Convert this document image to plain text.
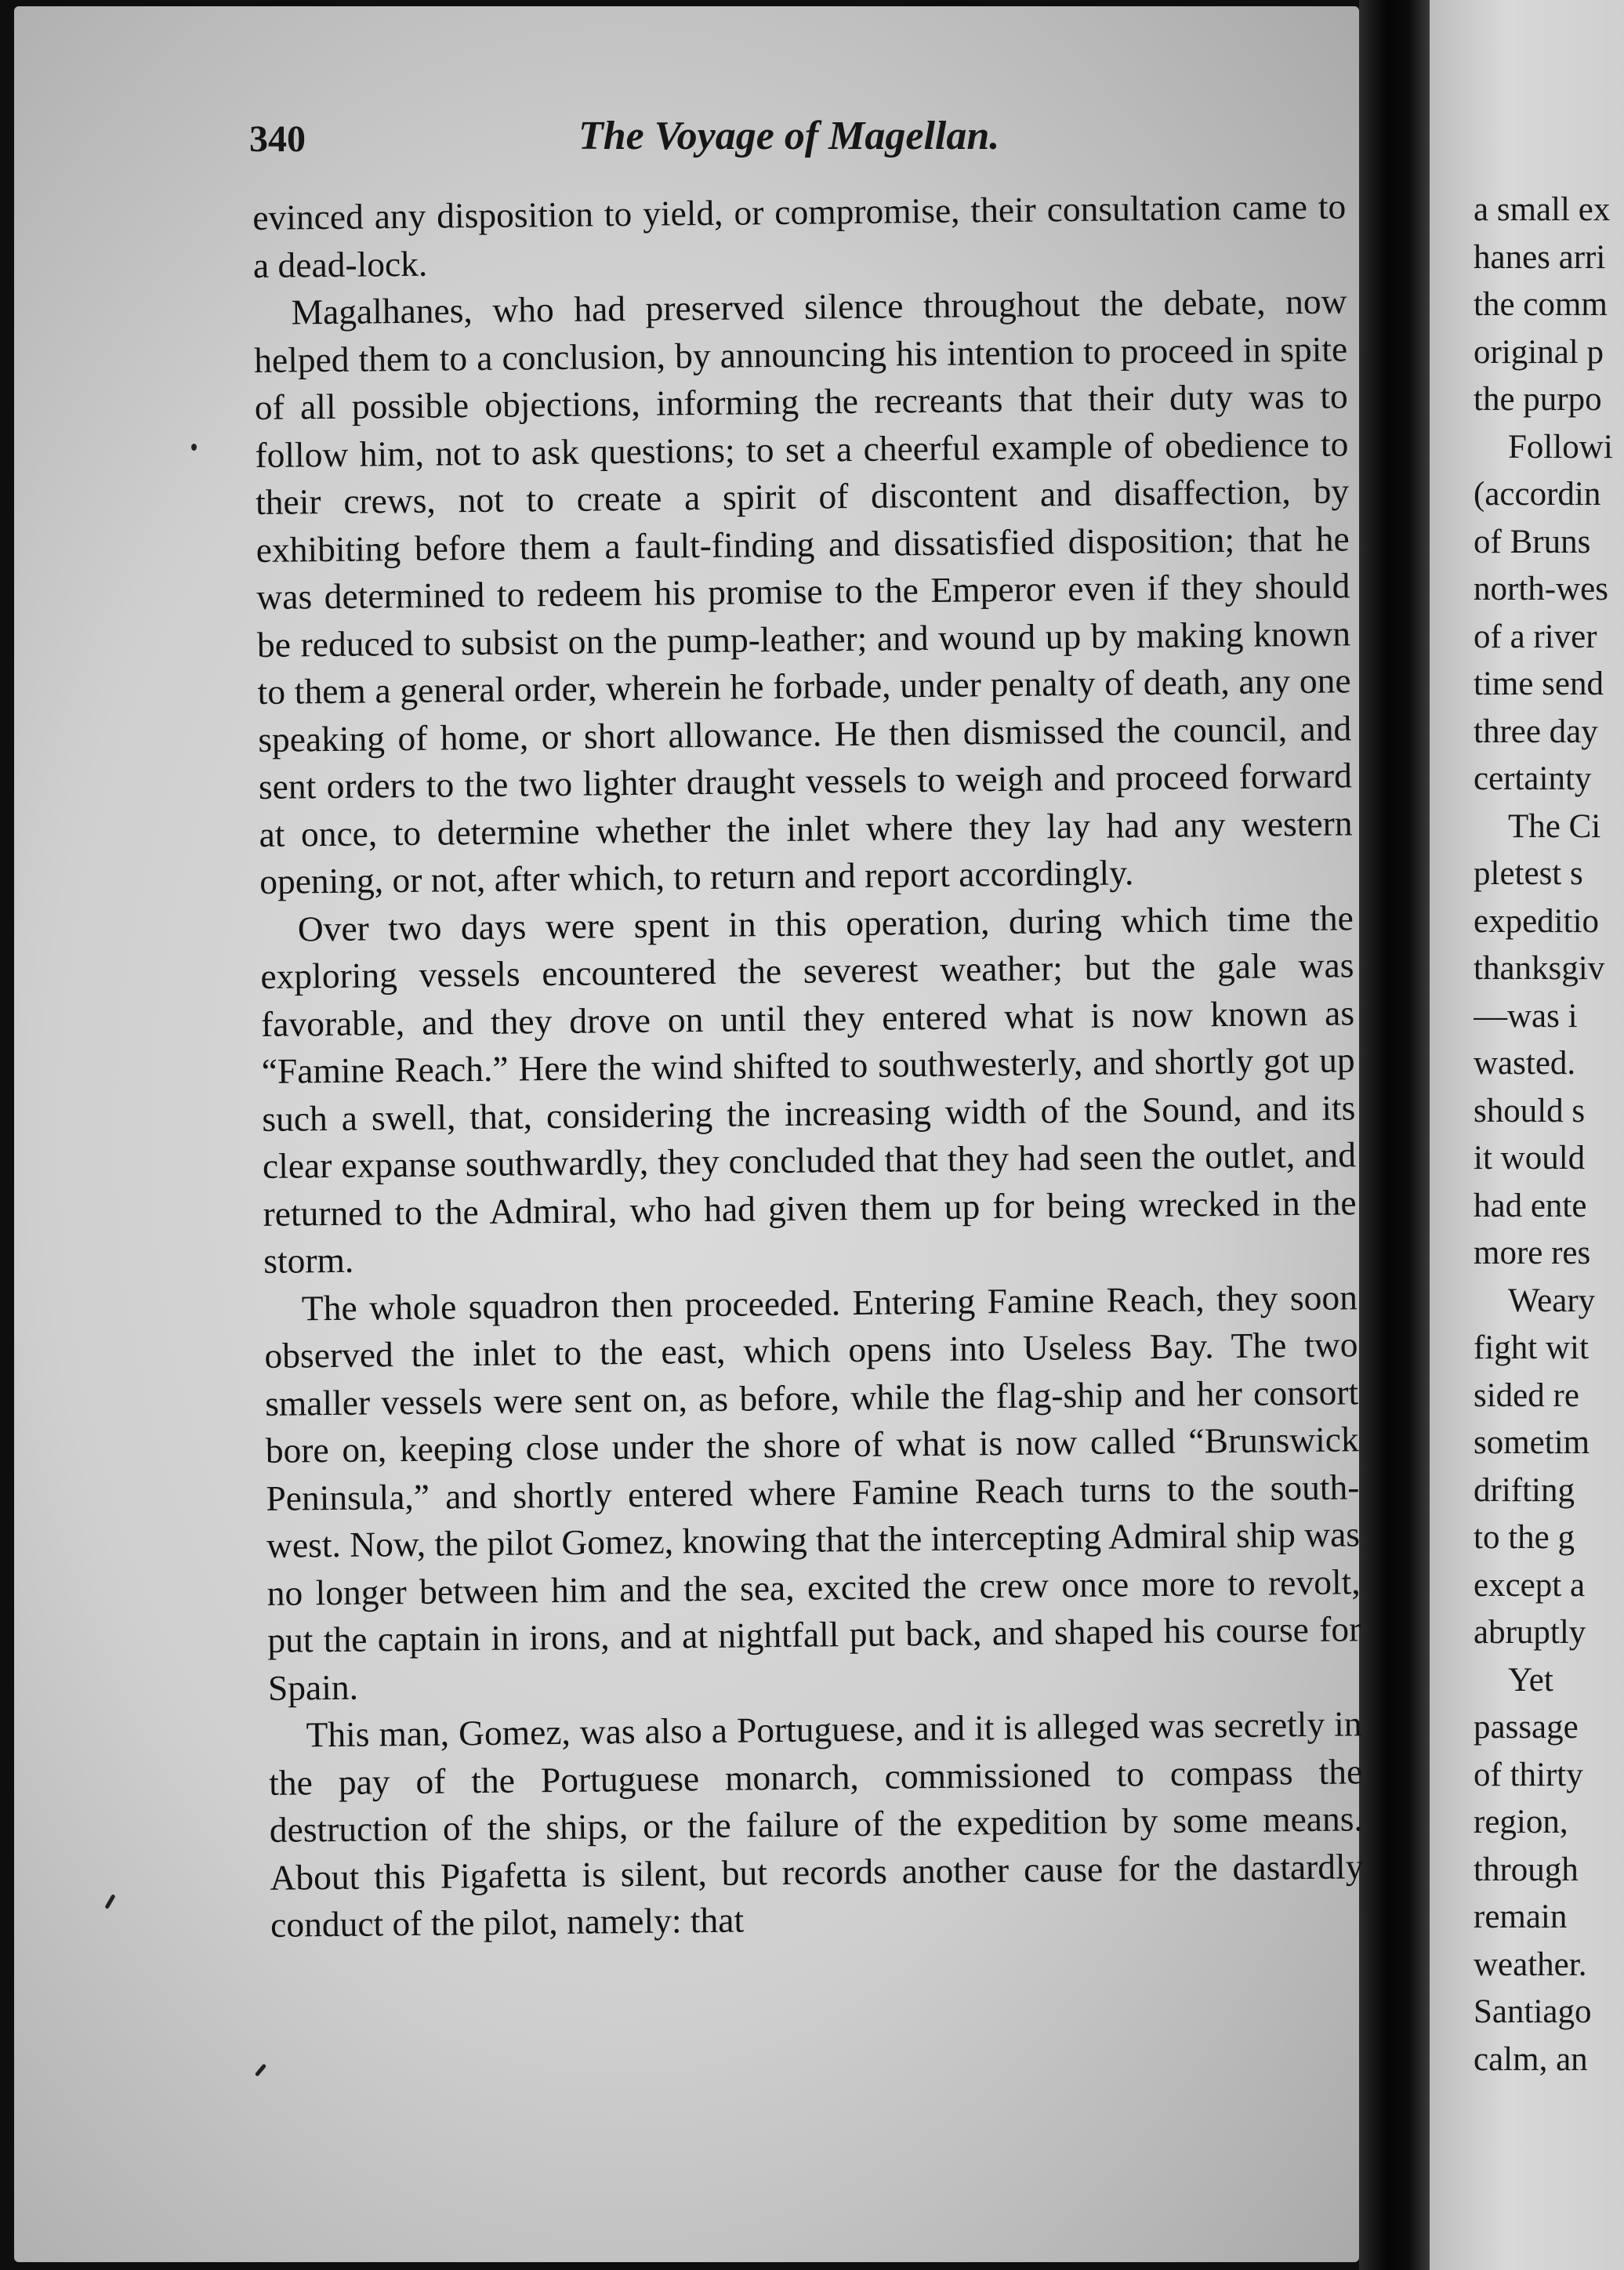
340	The Voyage of Magellan.

evinced any disposition to yield, or compromise, their consultation came to a dead-lock.

Magalhanes, who had preserved silence throughout the debate, now helped them to a conclusion, by announcing his intention to proceed in spite of all possible objections, informing the recreants that their duty was to follow him, not to ask questions; to set a cheerful example of obedience to their crews, not to create a spirit of discontent and disaffection, by exhibiting before them a fault-finding and dissatisfied disposition; that he was determined to redeem his promise to the Emperor even if they should be reduced to subsist on the pump-leather; and wound up by making known to them a general order, wherein he forbade, under penalty of death, any one speaking of home, or short allowance. He then dismissed the council, and sent orders to the two lighter draught vessels to weigh and proceed forward at once, to determine whether the inlet where they lay had any western opening, or not, after which, to return and report accordingly.

Over two days were spent in this operation, during which time the exploring vessels encountered the severest weather; but the gale was favorable, and they drove on until they entered what is now known as “Famine Reach.” Here the wind shifted to southwesterly, and shortly got up such a swell, that, considering the increasing width of the Sound, and its clear expanse southwardly, they concluded that they had seen the outlet, and returned to the Admiral, who had given them up for being wrecked in the storm.

The whole squadron then proceeded. Entering Famine Reach, they soon observed the inlet to the east, which opens into Useless Bay. The two smaller vessels were sent on, as before, while the flag-ship and her consort bore on, keeping close under the shore of what is now called “Brunswick Peninsula,” and shortly entered where Famine Reach turns to the south-west. Now, the pilot Gomez, knowing that the intercepting Admiral ship was no longer between him and the sea, excited the crew once more to revolt, put the captain in irons, and at nightfall put back, and shaped his course for Spain.

This man, Gomez, was also a Portuguese, and it is alleged was secretly in the pay of the Portuguese monarch, commissioned to compass the destruction of the ships, or the failure of the expedition by some means. About this Pigafetta is silent, but records another cause for the dastardly conduct of the pilot, namely: that

a small ex
hanes arri
the comm
original p
the purpo
Followi
(accordin
of Bruns
north-wes
of a river
time send
three day
certainty
The Ci
pletest s
expeditio
thanksgiv
—was i
wasted.
should s
it would
had ente
more res
Weary
fight wit
sided re
sometim
drifting
to the g
except a
abruptly
Yet
passage
of thirty
region,
through
remain
weather.
Santiago
calm, an
